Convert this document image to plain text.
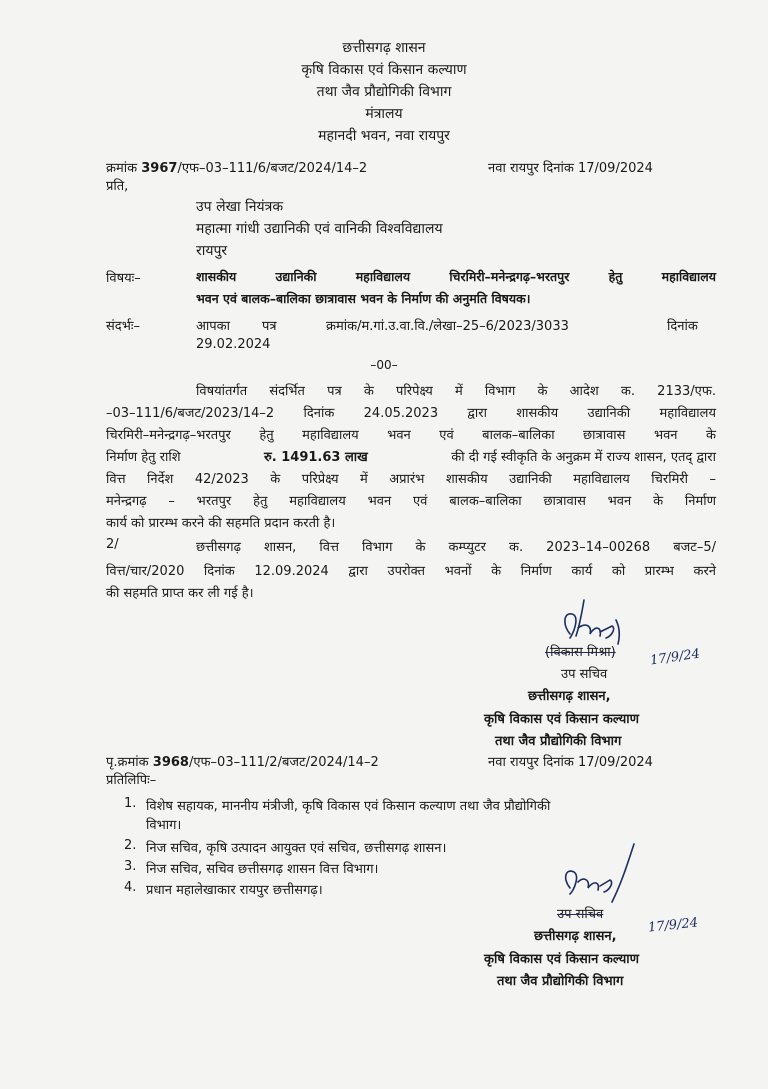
छत्तीसगढ़ शासन
कृषि विकास एवं किसान कल्याण
तथा जैव प्रौद्योगिकी विभाग
मंत्रालय
महानदी भवन, नवा रायपुर
क्रमांक 3967/एफ–03–111/6/बजट/2024/14–2	नवा रायपुर दिनांक 17/09/2024
प्रति,
उप लेखा नियंत्रक
महात्मा गांधी उद्यानिकी एवं वानिकी विश्वविद्यालय
रायपुर
विषयः–	शासकीय उद्यानिकी महाविद्यालय चिरमिरी–मनेन्द्रगढ़–भरतपुर हेतु महाविद्यालय
भवन एवं बालक–बालिका छात्रावास भवन के निर्माण की अनुमति विषयक।
संदर्भः–	आपका पत्र	क्रमांक/म.गां.उ.वा.वि./लेखा–25–6/2023/3033	दिनांक
29.02.2024
–00–
विषयांतर्गत संदर्भित पत्र के परिपेक्ष्य में विभाग के आदेश क. 2133/एफ.
–03–111/6/बजट/2023/14–2 दिनांक 24.05.2023 द्वारा शासकीय उद्यानिकी महाविद्यालय
चिरमिरी–मनेन्द्रगढ़–भरतपुर हेतु महाविद्यालय भवन एवं बालक–बालिका छात्रावास भवन के
निर्माण हेतु राशि	रु. 1491.63 लाख	की दी गई स्वीकृति के अनुक्रम में राज्य शासन, एतद् द्वारा
वित्त निर्देश 42/2023 के परिप्रेक्ष्य में अप्रारंभ शासकीय उद्यानिकी महाविद्यालय चिरमिरी –
मनेन्द्रगढ़ – भरतपुर हेतु महाविद्यालय भवन एवं बालक–बालिका छात्रावास भवन के निर्माण
कार्य को प्रारम्भ करने की सहमति प्रदान करती है।
2/	छत्तीसगढ़ शासन, वित्त विभाग के कम्प्युटर क. 2023–14–00268 बजट–5/
वित्त/चार/2020 दिनांक 12.09.2024 द्वारा उपरोक्त भवनों के निर्माण कार्य को प्रारम्भ करने
की सहमति प्राप्त कर ली गई है।
(विकास मिश्रा)	17/9/24
उप सचिव
छत्तीसगढ़ शासन,
कृषि विकास एवं किसान कल्याण
तथा जैव प्रौद्योगिकी विभाग
पृ.क्रमांक 3968/एफ–03–111/2/बजट/2024/14–2	नवा रायपुर दिनांक 17/09/2024
प्रतिलिपिः–
1. विशेष सहायक, माननीय मंत्रीजी, कृषि विकास एवं किसान कल्याण तथा जैव प्रौद्योगिकी
विभाग।
2. निज सचिव, कृषि उत्पादन आयुक्त एवं सचिव, छत्तीसगढ़ शासन।
3. निज सचिव, सचिव छत्तीसगढ़ शासन वित्त विभाग।
4. प्रधान महालेखाकार रायपुर छत्तीसगढ़।
उप सचिव
17/9/24
छत्तीसगढ़ शासन,
कृषि विकास एवं किसान कल्याण
तथा जैव प्रौद्योगिकी विभाग
